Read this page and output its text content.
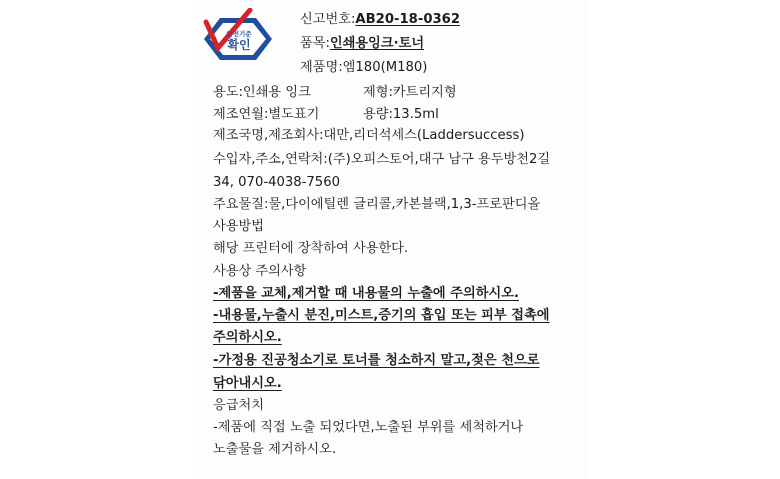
안전기준
확인
신고번호:AB20-18-0362
품목:인쇄용잉크·토너
제품명:엠180(M180)
용도:인쇄용 잉크	제형:카트리지형
제조연월:별도표기	용량:13.5ml
제조국명,제조회사:대만,리더석세스(Laddersuccess)
수입자,주소,연락처:(주)오피스토어,대구 남구 용두방천2길
34, 070-4038-7560
주요물질:물,다이에틸렌 글리콜,카본블랙,1,3-프로판디올
사용방법
해당 프린터에 장착하여 사용한다.
사용상 주의사항
-제품을 교체,제거할 때 내용물의 누출에 주의하시오.
-내용물,누출시 분진,미스트,증기의 흡입 또는 피부 접촉에
주의하시오.
-가정용 진공청소기로 토너를 청소하지 말고,젖은 천으로
닦아내시오.
응급처치
-제품에 직접 노출 되었다면,노출된 부위를 세척하거나
노출물을 제거하시오.
